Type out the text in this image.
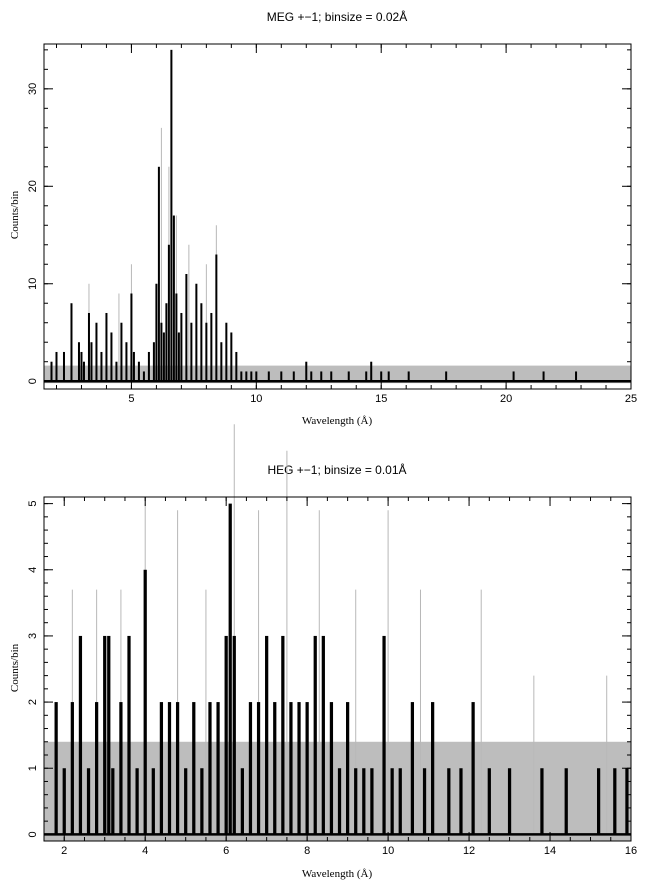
MEG +−1; binsize = 0.02Å
HEG +−1; binsize = 0.01Å
5	10	15	20	25
0
10
20
30
2	4	6	8	10	12	14	16
0
1
2
3
4
5
Wavelength (Å)
Counts/bin
Wavelength (Å)
Counts/bin
